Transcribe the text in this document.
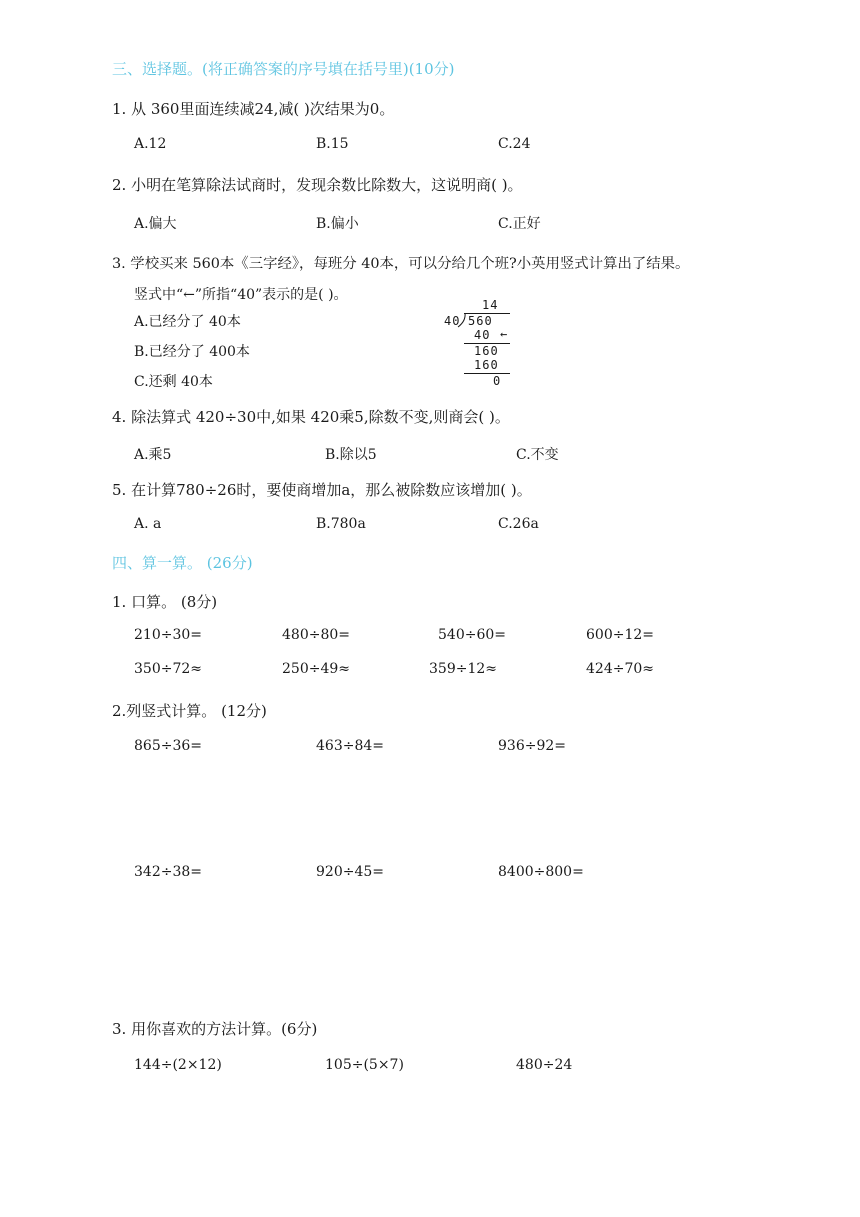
三、选择题。(将正确答案的序号填在括号里)(10分)
1. 从 360里面连续减24,减( )次结果为0。
A.12	B.15	C.24
2. 小明在笔算除法试商时，发现余数比除数大，这说明商( )。
A.偏大	B.偏小	C.正好
3. 学校买来 560本《三字经》，每班分 40本，可以分给几个班?小英用竖式计算出了结果。
竖式中“←”所指“40”表示的是( )。
A.已经分了 40本
B.已经分了 400本
C.还剩 40本
14
40 560
40 ←
160
160
0
4. 除法算式 420÷30中,如果 420乘5,除数不变,则商会( )。
A.乘5	B.除以5	C.不变
5. 在计算780÷26时，要使商增加a，那么被除数应该增加( )。
A. a	B.780a	C.26a
四、算一算。 (26分)
1. 口算。 (8分)
210÷30=	480÷80=	540÷60=	600÷12=
350÷72≈	250÷49≈	359÷12≈	424÷70≈
2.列竖式计算。 (12分)
865÷36=	463÷84=	936÷92=
342÷38=	920÷45=	8400÷800=
3. 用你喜欢的方法计算。(6分)
144÷(2×12)	105÷(5×7)	480÷24
